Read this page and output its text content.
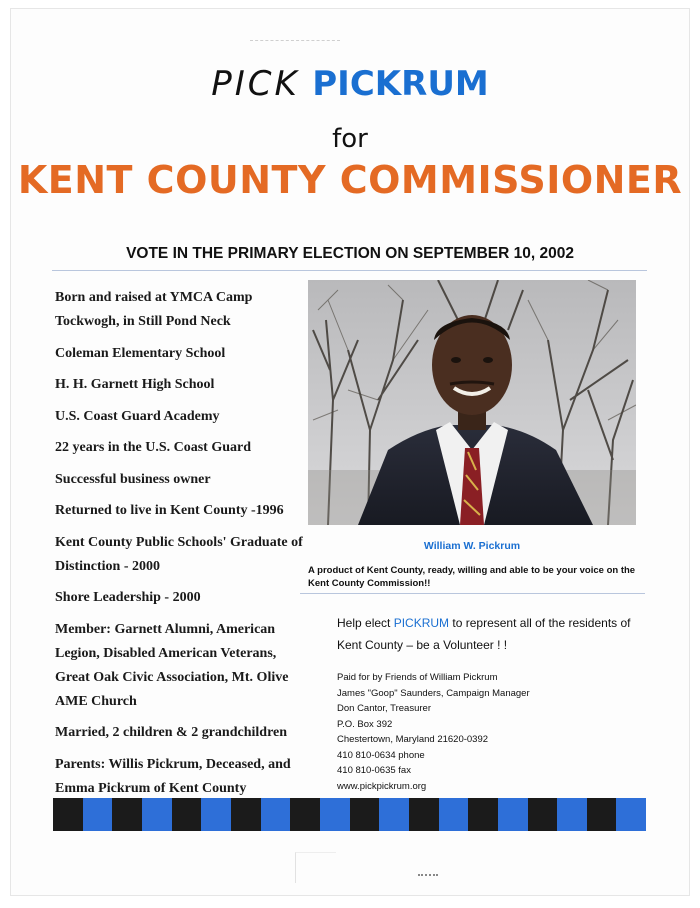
PICK PICKRUM
for
KENT COUNTY COMMISSIONER
VOTE IN THE PRIMARY ELECTION ON SEPTEMBER 10, 2002
Born and raised at YMCA Camp Tockwogh, in Still Pond Neck
Coleman Elementary School
H. H. Garnett High School
U.S. Coast Guard Academy
22 years in the U.S. Coast Guard
Successful business owner
Returned to live in Kent County -1996
Kent County Public Schools' Graduate of Distinction - 2000
Shore Leadership - 2000
Member: Garnett Alumni, American Legion, Disabled American Veterans, Great Oak Civic Association, Mt. Olive AME Church
Married, 2 children & 2 grandchildren
Parents: Willis Pickrum, Deceased, and Emma Pickrum of Kent County
William W. Pickrum
A product of Kent County, ready, willing and able to be your voice on the Kent County Commission!!
Help elect PICKRUM to represent all of the residents of Kent County – be a Volunteer ! !
Paid for by Friends of William Pickrum
James "Goop" Saunders, Campaign Manager
Don Cantor, Treasurer
P.O. Box 392
Chestertown, Maryland 21620-0392
410 810-0634 phone
410 810-0635 fax
www.pickpickrum.org
